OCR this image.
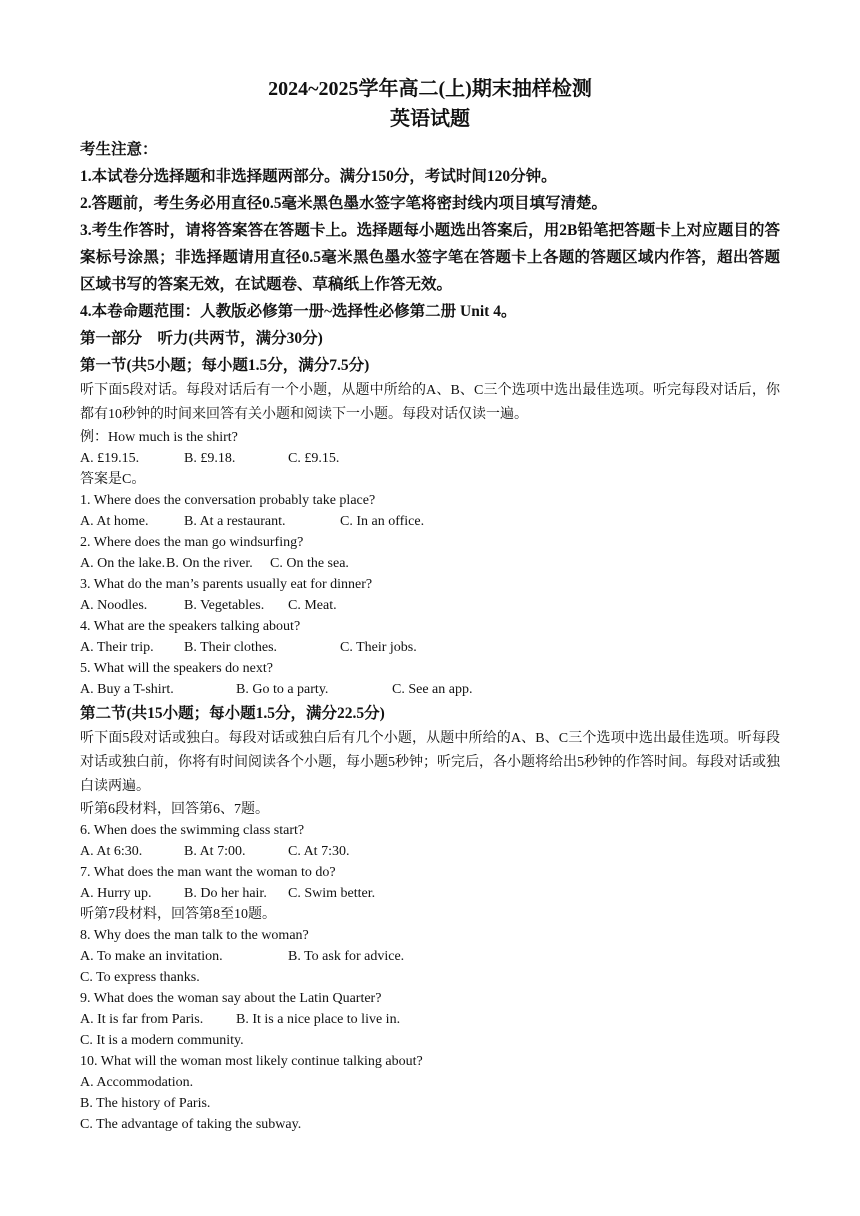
2024~2025学年高二(上)期末抽样检测
英语试题
考生注意：
1.本试卷分选择题和非选择题两部分。满分150分，考试时间120分钟。
2.答题前，考生务必用直径0.5毫米黑色墨水签字笔将密封线内项目填写清楚。
3.考生作答时，请将答案答在答题卡上。选择题每小题选出答案后，用2B铅笔把答题卡上对应题目的答案标号涂黑；非选择题请用直径0.5毫米黑色墨水签字笔在答题卡上各题的答题区域内作答，超出答题区域书写的答案无效，在试题卷、草稿纸上作答无效。
4.本卷命题范围：人教版必修第一册~选择性必修第二册 Unit 4。
第一部分　听力(共两节，满分30分)
第一节(共5小题；每小题1.5分，满分7.5分)
听下面5段对话。每段对话后有一个小题，从题中所给的A、B、C三个选项中选出最佳选项。听完每段对话后，你都有10秒钟的时间来回答有关小题和阅读下一小题。每段对话仅读一遍。
例：How much is the shirt?
A. £19.15.	B. £9.18.	C. £9.15.
答案是C。
1. Where does the conversation probably take place?
A. At home.	B. At a restaurant.	C. In an office.
2. Where does the man go windsurfing?
A. On the lake.B. On the river. C. On the sea.
3. What do the man’s parents usually eat for dinner?
A. Noodles.	B. Vegetables. C. Meat.
4. What are the speakers talking about?
A. Their trip. B. Their clothes.	C. Their jobs.
5. What will the speakers do next?
A. Buy a T-shirt.	B. Go to a party.	C. See an app.
第二节(共15小题；每小题1.5分，满分22.5分)
听下面5段对话或独白。每段对话或独白后有几个小题，从题中所给的A、B、C三个选项中选出最佳选项。听每段对话或独白前，你将有时间阅读各个小题，每小题5秒钟；听完后，各小题将给出5秒钟的作答时间。每段对话或独白读两遍。
听第6段材料，回答第6、7题。
6. When does the swimming class start?
A. At 6:30.	B. At 7:00.	C. At 7:30.
7. What does the man want the woman to do?
A. Hurry up. B. Do her hair. C. Swim better.
听第7段材料，回答第8至10题。
8. Why does the man talk to the woman?
A. To make an invitation.	B. To ask for advice.
C. To express thanks.
9. What does the woman say about the Latin Quarter?
A. It is far from Paris. B. It is a nice place to live in.
C. It is a modern community.
10. What will the woman most likely continue talking about?
A. Accommodation.
B. The history of Paris.
C. The advantage of taking the subway.
